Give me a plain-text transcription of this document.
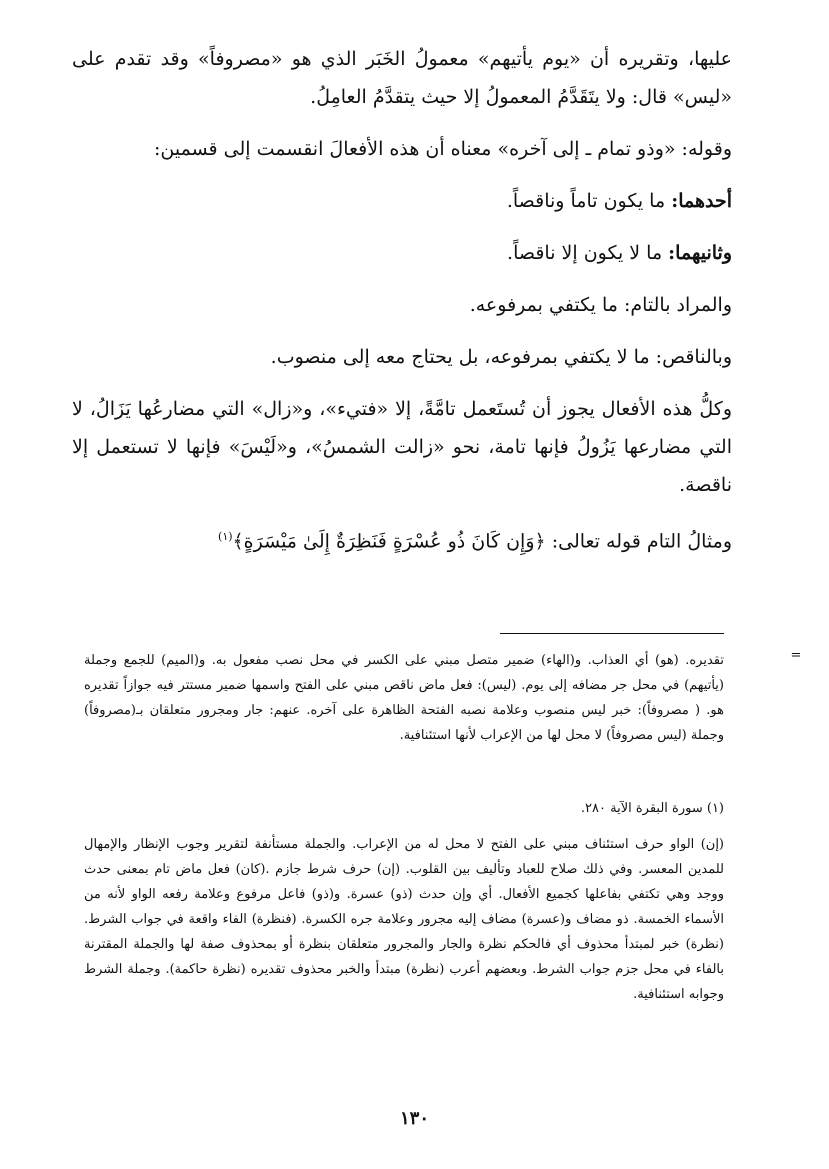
عليها، وتقريره أن «يوم يأتيهم» معمولُ الخَبَر الذي هو «مصروفاً» وقد تقدم على «ليس» قال: ولا يتَقَدَّمُ المعمولُ إلا حيث يتقدَّمُ العامِلُ.

وقوله: «وذو تمام ـ إلى آخره» معناه أن هذه الأفعالَ انقسمت إلى قسمين:

أحدهما: ما يكون تاماً وناقصاً.

وثانيهما: ما لا يكون إلا ناقصاً.

والمراد بالتام: ما يكتفي بمرفوعه.

وبالناقص: ما لا يكتفي بمرفوعه، بل يحتاج معه إلى منصوب.

وكلُّ هذه الأفعال يجوز أن تُستَعمل تامَّةً، إلا «فتيء»، و«زال» التي مضارعُها يَزَالُ، لا التي مضارعها يَزُولُ فإنها تامة، نحو «زالت الشمسُ»، و«لَيْسَ» فإنها لا تستعمل إلا ناقصة.

ومثالُ التام قوله تعالى: ﴿وَإِن كَانَ ذُو عُسْرَةٍ فَنَظِرَةٌ إِلَىٰ مَيْسَرَةٍ﴾$^{(١)}$

=

تقديره. (هو) أي العذاب. و(الهاء) ضمير متصل مبني على الكسر في محل نصب مفعول به. و(الميم) للجمع وجملة (يأتيهم) في محل جر مضافه إلى يوم. (ليس): فعل ماض ناقص مبني على الفتح واسمها ضمير مستتر فيه جوازاً تقديره هو. ( مصروفاً): خبر ليس منصوب وعلامة نصبه الفتحة الظاهرة على آخره. عنهم: جار ومجرور متعلقان بـ(مصروفاً) وجملة (ليس مصروفاً) لا محل لها من الإعراب لأنها استئنافية.

(١) سورة البقرة الآية ٢٨٠.

(إن) الواو حرف استئناف مبني على الفتح لا محل له من الإعراب. والجملة مستأنفة لتقرير وجوب الإنظار والإمهال للمدين المعسر. وفي ذلك صلاح للعباد وتأليف بين القلوب. (إن) حرف شرط جازم .(كان) فعل ماض تام بمعنى حدث ووجد وهي تكتفي بفاعلها كجميع الأفعال. أي وإن حدث (ذو) عسرة. و(ذو) فاعل مرفوع وعلامة رفعه الواو لأنه من الأسماء الخمسة. ذو مضاف و(عسرة) مضاف إليه مجرور وعلامة جره الكسرة. (فنظرة) الفاء واقعة في جواب الشرط. (نظرة) خبر لمبتدأ محذوف أي فالحكم نظرة والجار والمجرور متعلقان بنظرة أو بمحذوف صفة لها والجملة المقترنة بالفاء في محل جزم جواب الشرط. وبعضهم أعرب (نظرة) مبتدأ والخبر محذوف تقديره (نظرة حاكمة). وجملة الشرط وجوابه استئنافية.

١٣٠
